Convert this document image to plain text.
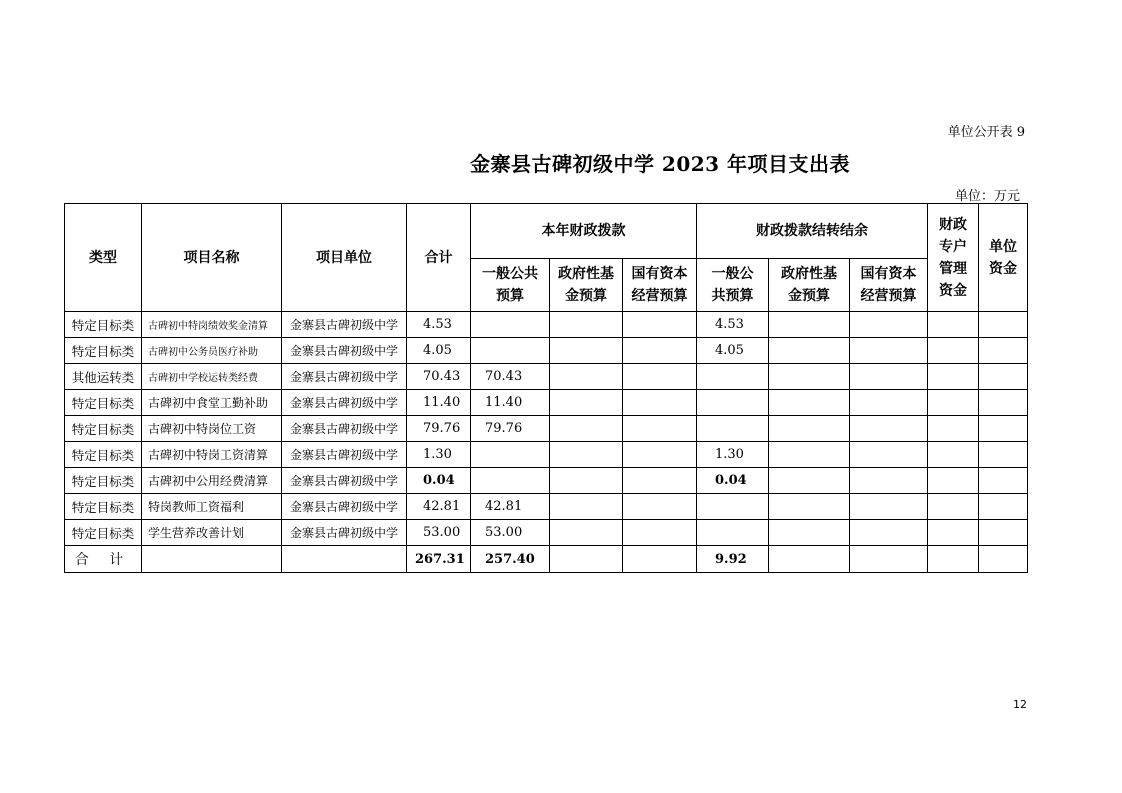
单位公开表 9
金寨县古碑初级中学 2023 年项目支出表
单位：万元
类型	项目名称	项目单位	合计	本年财政拨款			财政拨款结转结余			财政专户管理资金	单位资金
				一般公共预算	政府性基金预算	国有资本经营预算	一般公共预算	政府性基金预算	国有资本经营预算		
特定目标类	古碑初中特岗绩效奖金清算	金寨县古碑初级中学	4.53				4.53				
特定目标类	古碑初中公务员医疗补助	金寨县古碑初级中学	4.05				4.05				
其他运转类	古碑初中学校运转类经费	金寨县古碑初级中学	70.43	70.43							
特定目标类	古碑初中食堂工勤补助	金寨县古碑初级中学	11.40	11.40							
特定目标类	古碑初中特岗位工资	金寨县古碑初级中学	79.76	79.76							
特定目标类	古碑初中特岗工资清算	金寨县古碑初级中学	1.30				1.30				
特定目标类	古碑初中公用经费清算	金寨县古碑初级中学	0.04				0.04				
特定目标类	特岗教师工资福利	金寨县古碑初级中学	42.81	42.81							
特定目标类	学生营养改善计划	金寨县古碑初级中学	53.00	53.00							
合 计			267.31	257.40			9.92				
12
